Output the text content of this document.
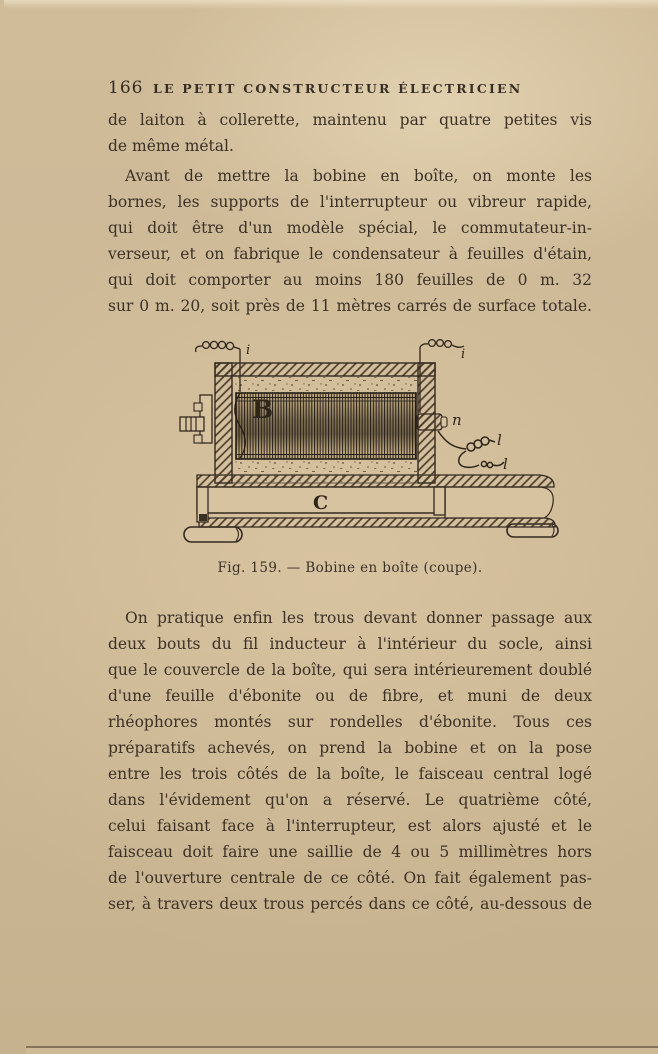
166 LE PETIT CONSTRUCTEUR ÉLECTRICIEN
de laiton à collerette, maintenu par quatre petites vis
de même métal.
Avant de mettre la bobine en boîte, on monte les
bornes, les supports de l'interrupteur ou vibreur rapide,
qui doit être d'un modèle spécial, le commutateur-in-
verseur, et on fabrique le condensateur à feuilles d'étain,
qui doit comporter au moins 180 feuilles de 0 m. 32
sur 0 m. 20, soit près de 11 mètres carrés de surface totale.
C
B	n
i	i
l
l
Fig. 159. — Bobine en boîte (coupe).
On pratique enfin les trous devant donner passage aux
deux bouts du fil inducteur à l'intérieur du socle, ainsi
que le couvercle de la boîte, qui sera intérieurement doublé
d'une feuille d'ébonite ou de fibre, et muni de deux
rhéophores montés sur rondelles d'ébonite. Tous ces
préparatifs achevés, on prend la bobine et on la pose
entre les trois côtés de la boîte, le faisceau central logé
dans l'évidement qu'on a réservé. Le quatrième côté,
celui faisant face à l'interrupteur, est alors ajusté et le
faisceau doit faire une saillie de 4 ou 5 millimètres hors
de l'ouverture centrale de ce côté. On fait également pas-
ser, à travers deux trous percés dans ce côté, au-dessous de
